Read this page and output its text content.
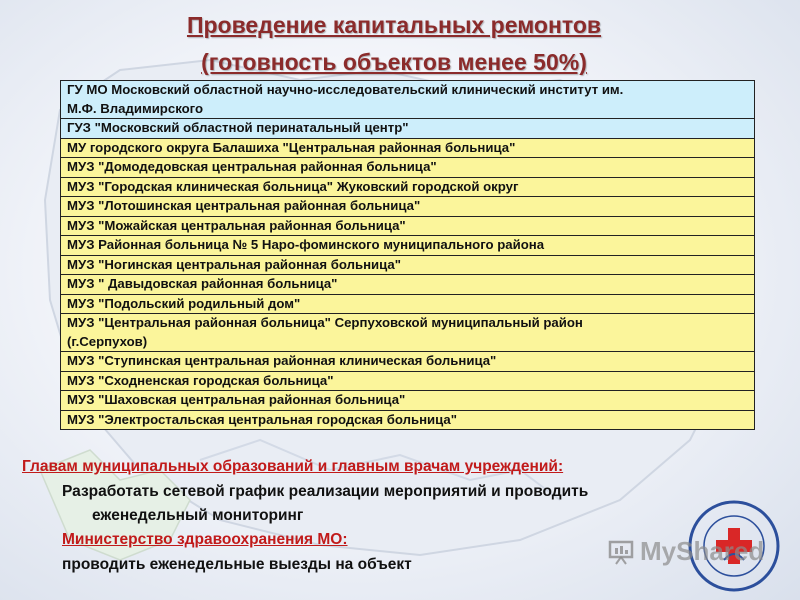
Проведение капитальных ремонтов
(готовность объектов менее 50%)
ГУ МО Московский областной научно-исследовательский клинический институт им.
М.Ф. Владимирского

ГУЗ "Московский областной перинатальный центр"

МУ городского округа Балашиха "Центральная районная больница"

МУЗ "Домодедовская центральная районная больница"

МУЗ "Городская клиническая больница" Жуковский городской округ

МУЗ "Лотошинская центральная районная больница"

МУЗ "Можайская центральная районная больница"

МУЗ Районная больница № 5 Наро-фоминского муниципального района

МУЗ "Ногинская центральная районная больница"

МУЗ " Давыдовская районная больница"

МУЗ "Подольский родильный дом"

МУЗ "Центральная районная больница" Серпуховской муниципальный район
(г.Серпухов)

МУЗ "Ступинская центральная районная клиническая больница"

МУЗ "Сходненская городская больница"

МУЗ "Шаховская центральная районная больница"

МУЗ "Электростальская центральная городская больница"
Главам муниципальных образований и главным врачам учреждений:
Разработать сетевой график реализации мероприятий и проводить
еженедельный мониторинг
Министерство здравоохранения МО:
проводить еженедельные выезды на объект	MyShared
